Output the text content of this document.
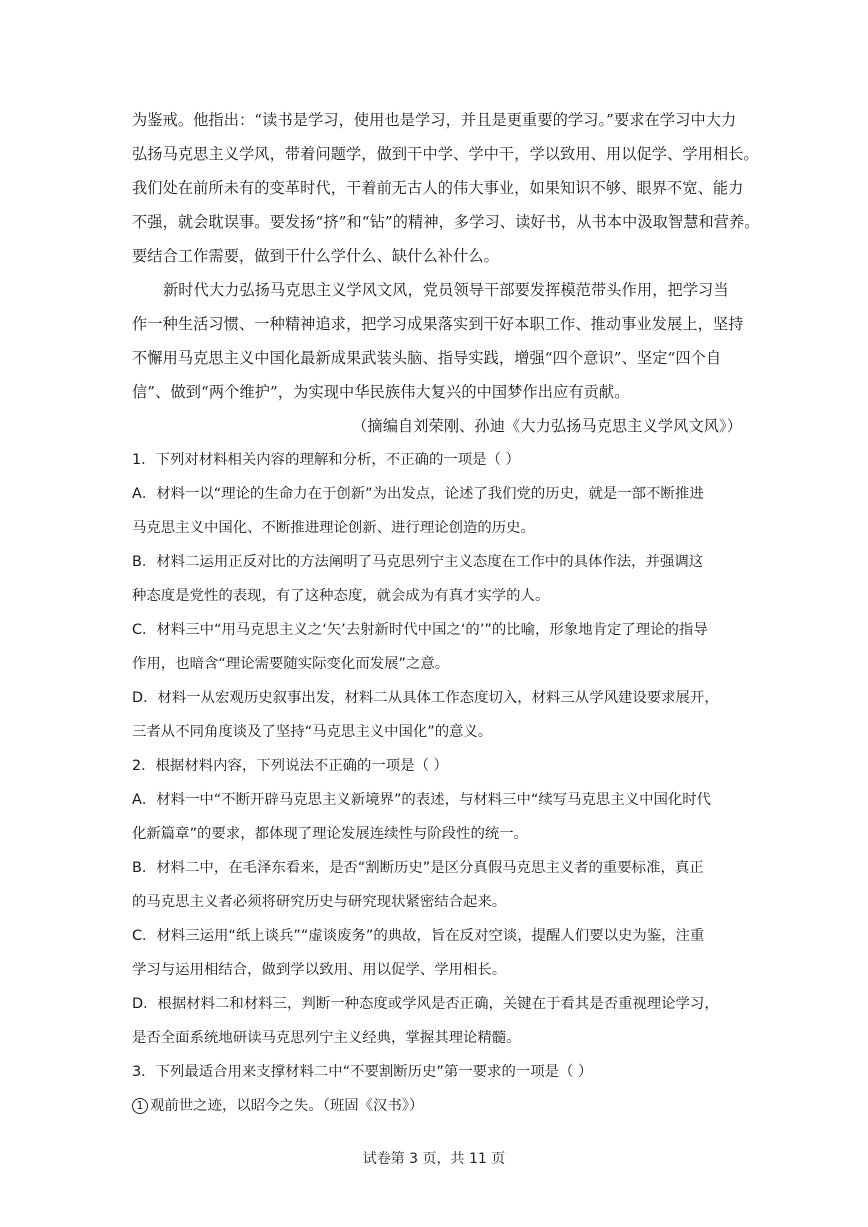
为鉴戒。他指出：“读书是学习，使用也是学习，并且是更重要的学习。”要求在学习中大力
弘扬马克思主义学风，带着问题学，做到干中学、学中干，学以致用、用以促学、学用相长。
我们处在前所未有的变革时代，干着前无古人的伟大事业，如果知识不够、眼界不宽、能力
不强，就会耽误事。要发扬“挤”和“钻”的精神，多学习、读好书，从书本中汲取智慧和营养。
要结合工作需要，做到干什么学什么、缺什么补什么。
新时代大力弘扬马克思主义学风文风，党员领导干部要发挥模范带头作用，把学习当
作一种生活习惯、一种精神追求，把学习成果落实到干好本职工作、推动事业发展上，坚持
不懈用马克思主义中国化最新成果武装头脑、指导实践，增强“四个意识”、坚定“四个自
信”、做到“两个维护”，为实现中华民族伟大复兴的中国梦作出应有贡献。
（摘编自刘荣刚、孙迪《大力弘扬马克思主义学风文风》）
1．下列对材料相关内容的理解和分析，不正确的一项是（ ）
A．材料一以“理论的生命力在于创新”为出发点，论述了我们党的历史，就是一部不断推进
马克思主义中国化、不断推进理论创新、进行理论创造的历史。
B．材料二运用正反对比的方法阐明了马克思列宁主义态度在工作中的具体作法，并强调这
种态度是党性的表现，有了这种态度，就会成为有真才实学的人。
C．材料三中“用马克思主义之‘矢’去射新时代中国之‘的’”的比喻，形象地肯定了理论的指导
作用，也暗含“理论需要随实际变化而发展”之意。
D．材料一从宏观历史叙事出发，材料二从具体工作态度切入，材料三从学风建设要求展开，
三者从不同角度谈及了坚持“马克思主义中国化”的意义。
2．根据材料内容，下列说法不正确的一项是（ ）
A．材料一中“不断开辟马克思主义新境界”的表述，与材料三中“续写马克思主义中国化时代
化新篇章”的要求，都体现了理论发展连续性与阶段性的统一。
B．材料二中，在毛泽东看来，是否“割断历史”是区分真假马克思主义者的重要标准，真正
的马克思主义者必须将研究历史与研究现状紧密结合起来。
C．材料三运用“纸上谈兵”“虚谈废务”的典故，旨在反对空谈，提醒人们要以史为鉴，注重
学习与运用相结合，做到学以致用、用以促学、学用相长。
D．根据材料二和材料三，判断一种态度或学风是否正确，关键在于看其是否重视理论学习，
是否全面系统地研读马克思列宁主义经典，掌握其理论精髓。
3．下列最适合用来支撑材料二中“不要割断历史”第一要求的一项是（ ）
1 观前世之迹，以昭今之失。（班固《汉书》）
试卷第 3 页，共 11 页
